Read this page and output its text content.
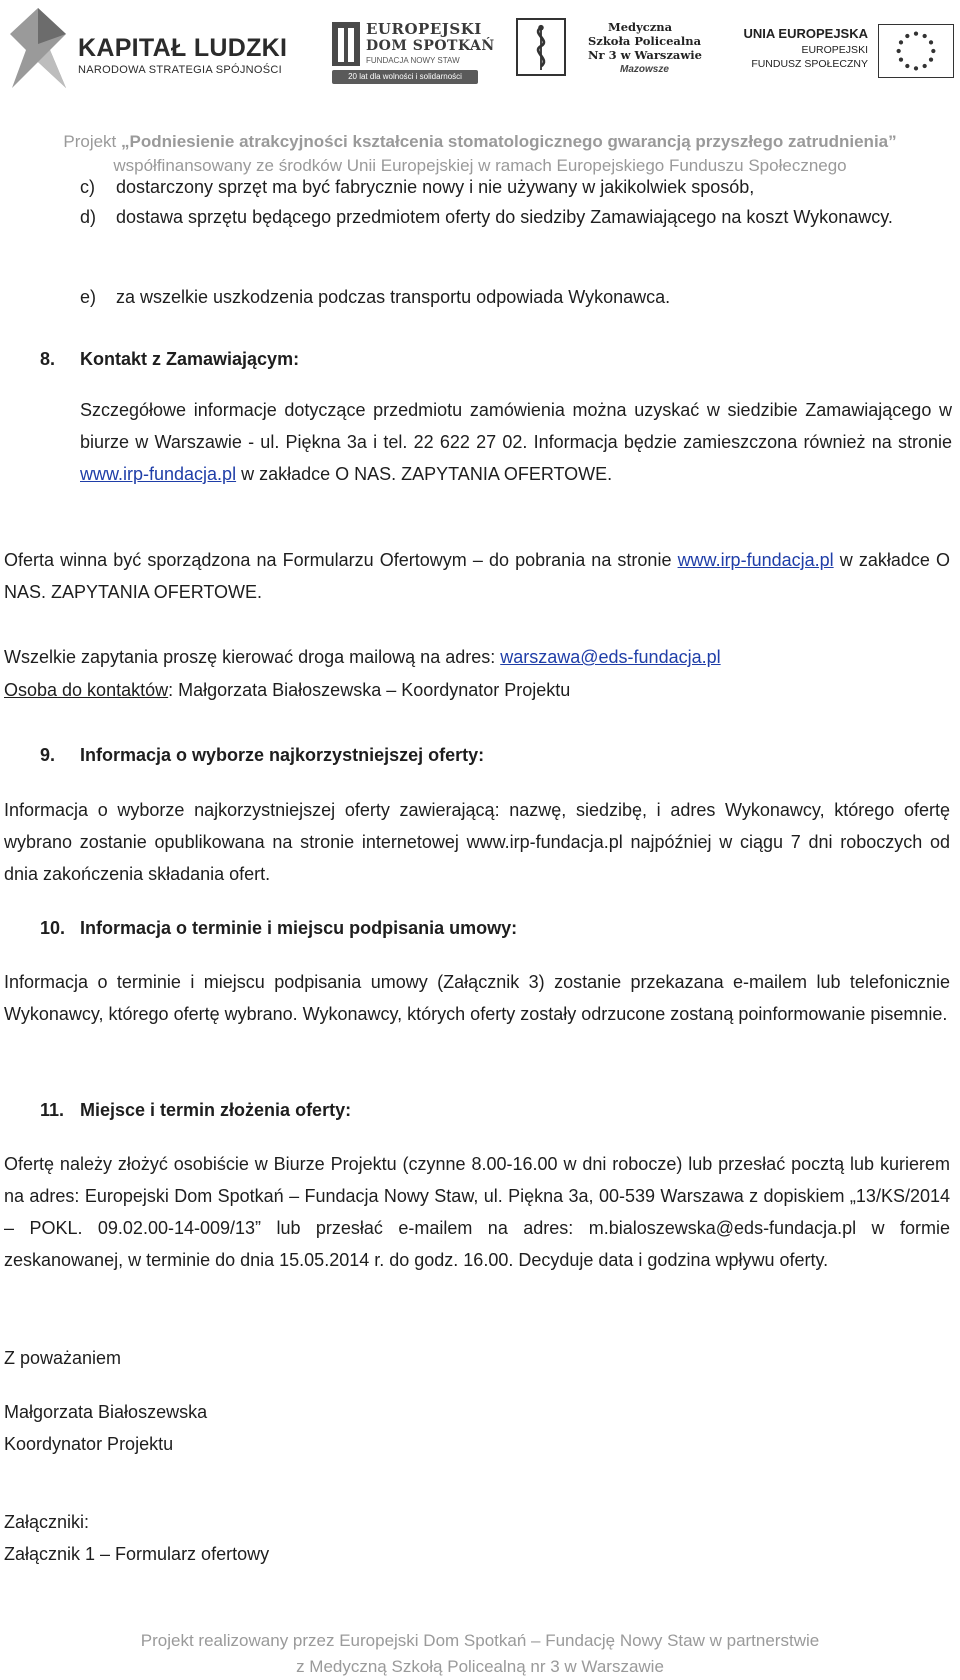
KAPITAŁ LUDZKI
NARODOWA STRATEGIA SPÓJNOŚCI
EUROPEJSKI
DOM SPOTKAŃ
FUNDACJA NOWY STAW
20 lat dla wolności i solidarności
Medyczna
Szkoła Policealna
Nr 3 w Warszawie
Mazowsze
UNIA EUROPEJSKA
EUROPEJSKI
FUNDUSZ SPOŁECZNY
Projekt „Podniesienie atrakcyjności kształcenia stomatologicznego gwarancją przyszłego zatrudnienia”
współfinansowany ze środków Unii Europejskiej w ramach Europejskiego Funduszu Społecznego
c)	dostarczony sprzęt ma być fabrycznie nowy i nie używany w jakikolwiek sposób,
d)	dostawa sprzętu będącego przedmiotem oferty do siedziby Zamawiającego na koszt Wykonawcy.
e)	za wszelkie uszkodzenia podczas transportu odpowiada Wykonawca.
8. Kontakt z Zamawiającym:
Szczegółowe informacje dotyczące przedmiotu zamówienia można uzyskać w siedzibie Zamawiającego w biurze w Warszawie - ul. Piękna 3a i tel. 22 622 27 02. Informacja będzie zamieszczona również na stronie www.irp-fundacja.pl w zakładce O NAS. ZAPYTANIA OFERTOWE.
Oferta winna być sporządzona na Formularzu Ofertowym – do pobrania na stronie www.irp-fundacja.pl w zakładce O NAS. ZAPYTANIA OFERTOWE.
Wszelkie zapytania proszę kierować droga mailową na adres: warszawa@eds-fundacja.pl
Osoba do kontaktów: Małgorzata Białoszewska – Koordynator Projektu
9. Informacja o wyborze najkorzystniejszej oferty:
Informacja o wyborze najkorzystniejszej oferty zawierającą: nazwę, siedzibę, i adres Wykonawcy, którego ofertę wybrano zostanie opublikowana na stronie internetowej www.irp-fundacja.pl najpóźniej w ciągu 7 dni roboczych od dnia zakończenia składania ofert.
10. Informacja o terminie i miejscu podpisania umowy:
Informacja o terminie i miejscu podpisania umowy (Załącznik 3) zostanie przekazana e-mailem lub telefonicznie Wykonawcy, którego ofertę wybrano. Wykonawcy, których oferty zostały odrzucone zostaną poinformowanie pisemnie.
11. Miejsce i termin złożenia oferty:
Ofertę należy złożyć osobiście w Biurze Projektu (czynne 8.00-16.00 w dni robocze) lub przesłać pocztą lub kurierem na adres: Europejski Dom Spotkań – Fundacja Nowy Staw, ul. Piękna 3a, 00-539 Warszawa z dopiskiem „13/KS/2014 – POKL. 09.02.00-14-009/13” lub przesłać e-mailem na adres: m.bialoszewska@eds-fundacja.pl w formie zeskanowanej, w terminie do dnia 15.05.2014 r. do godz. 16.00. Decyduje data i godzina wpływu oferty.
Z poważaniem
Małgorzata Białoszewska
Koordynator Projektu
Załączniki:
Załącznik 1 – Formularz ofertowy
Projekt realizowany przez Europejski Dom Spotkań – Fundację Nowy Staw w partnerstwie
z Medyczną Szkołą Policealną nr 3 w Warszawie
